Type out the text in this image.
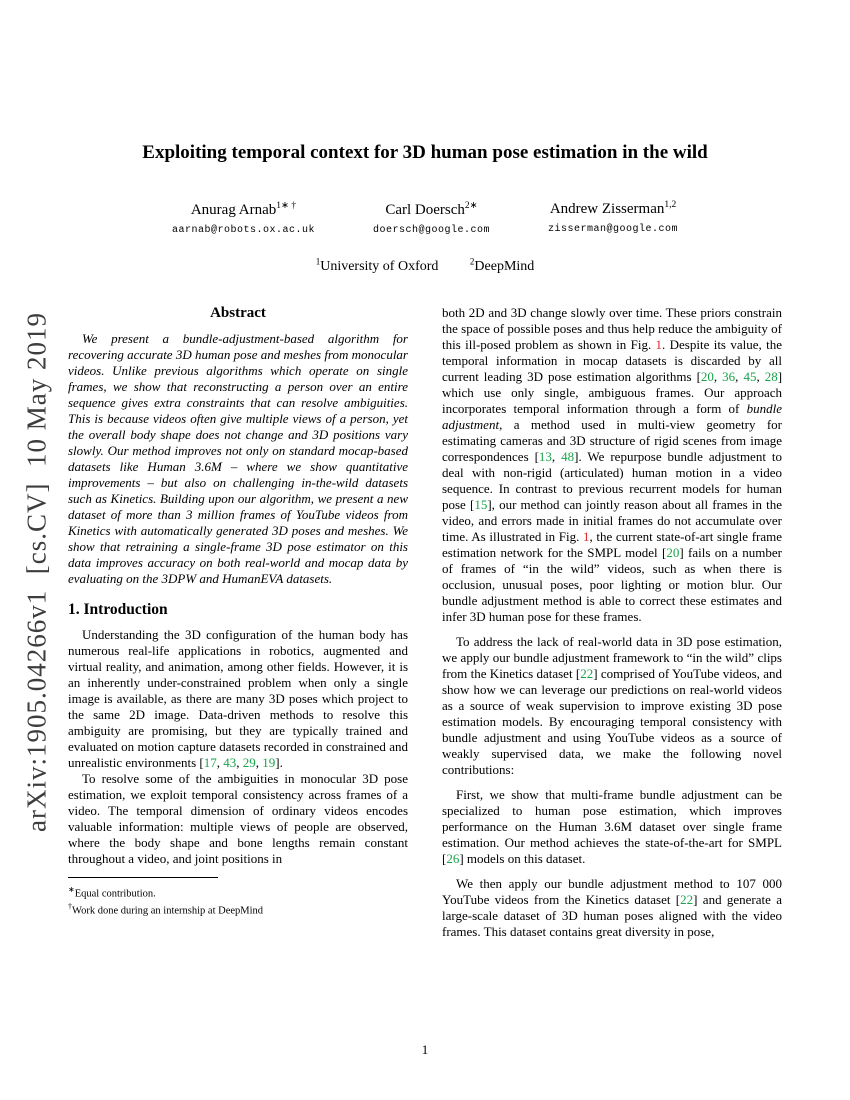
arXiv:1905.04266v1  [cs.CV]  10 May 2019
Exploiting temporal context for 3D human pose estimation in the wild
Anurag Arnab$^{1∗ \dagger}$
aarnab@robots.ox.ac.uk
Carl Doersch$^{2∗}$
doersch@google.com
Andrew Zisserman$^{1,2}$
zisserman@google.com
$^1$University of Oxford	$^2$DeepMind
Abstract
We present a bundle-adjustment-based algorithm for recovering accurate 3D human pose and meshes from monocular videos. Unlike previous algorithms which operate on single frames, we show that reconstructing a person over an entire sequence gives extra constraints that can resolve ambiguities. This is because videos often give multiple views of a person, yet the overall body shape does not change and 3D positions vary slowly. Our method improves not only on standard mocap-based datasets like Human 3.6M – where we show quantitative improvements – but also on challenging in-the-wild datasets such as Kinetics. Building upon our algorithm, we present a new dataset of more than 3 million frames of YouTube videos from Kinetics with automatically generated 3D poses and meshes. We show that retraining a single-frame 3D pose estimator on this data improves accuracy on both real-world and mocap data by evaluating on the 3DPW and HumanEVA datasets.
1. Introduction
Understanding the 3D configuration of the human body has numerous real-life applications in robotics, augmented and virtual reality, and animation, among other fields. However, it is an inherently under-constrained problem when only a single image is available, as there are many 3D poses which project to the same 2D image. Data-driven methods to resolve this ambiguity are promising, but they are typically trained and evaluated on motion capture datasets recorded in constrained and unrealistic environments [17, 43, 29, 19].
To resolve some of the ambiguities in monocular 3D pose estimation, we exploit temporal consistency across frames of a video. The temporal dimension of ordinary videos encodes valuable information: multiple views of people are observed, where the body shape and bone lengths remain constant throughout a video, and joint positions in
∗Equal contribution.
†Work done during an internship at DeepMind
both 2D and 3D change slowly over time. These priors constrain the space of possible poses and thus help reduce the ambiguity of this ill-posed problem as shown in Fig. 1. Despite its value, the temporal information in mocap datasets is discarded by all current leading 3D pose estimation algorithms [20, 36, 45, 28] which use only single, ambiguous frames. Our approach incorporates temporal information through a form of bundle adjustment, a method used in multi-view geometry for estimating cameras and 3D structure of rigid scenes from image correspondences [13, 48]. We repurpose bundle adjustment to deal with non-rigid (articulated) human motion in a video sequence. In contrast to previous recurrent models for human pose [15], our method can jointly reason about all frames in the video, and errors made in initial frames do not accumulate over time. As illustrated in Fig. 1, the current state-of-art single frame estimation network for the SMPL model [20] fails on a number of frames of “in the wild” videos, such as when there is occlusion, unusual poses, poor lighting or motion blur. Our bundle adjustment method is able to correct these estimates and infer 3D human pose for these frames.
To address the lack of real-world data in 3D pose estimation, we apply our bundle adjustment framework to “in the wild” clips from the Kinetics dataset [22] comprised of YouTube videos, and show how we can leverage our predictions on real-world videos as a source of weak supervision to improve existing 3D pose estimation models. By encouraging temporal consistency with bundle adjustment and using YouTube videos as a source of weakly supervised data, we make the following novel contributions:
First, we show that multi-frame bundle adjustment can be specialized to human pose estimation, which improves performance on the Human 3.6M dataset over single frame estimation. Our method achieves the state-of-the-art for SMPL [26] models on this dataset.
We then apply our bundle adjustment method to 107 000 YouTube videos from the Kinetics dataset [22] and generate a large-scale dataset of 3D human poses aligned with the video frames. This dataset contains great diversity in pose,
1
